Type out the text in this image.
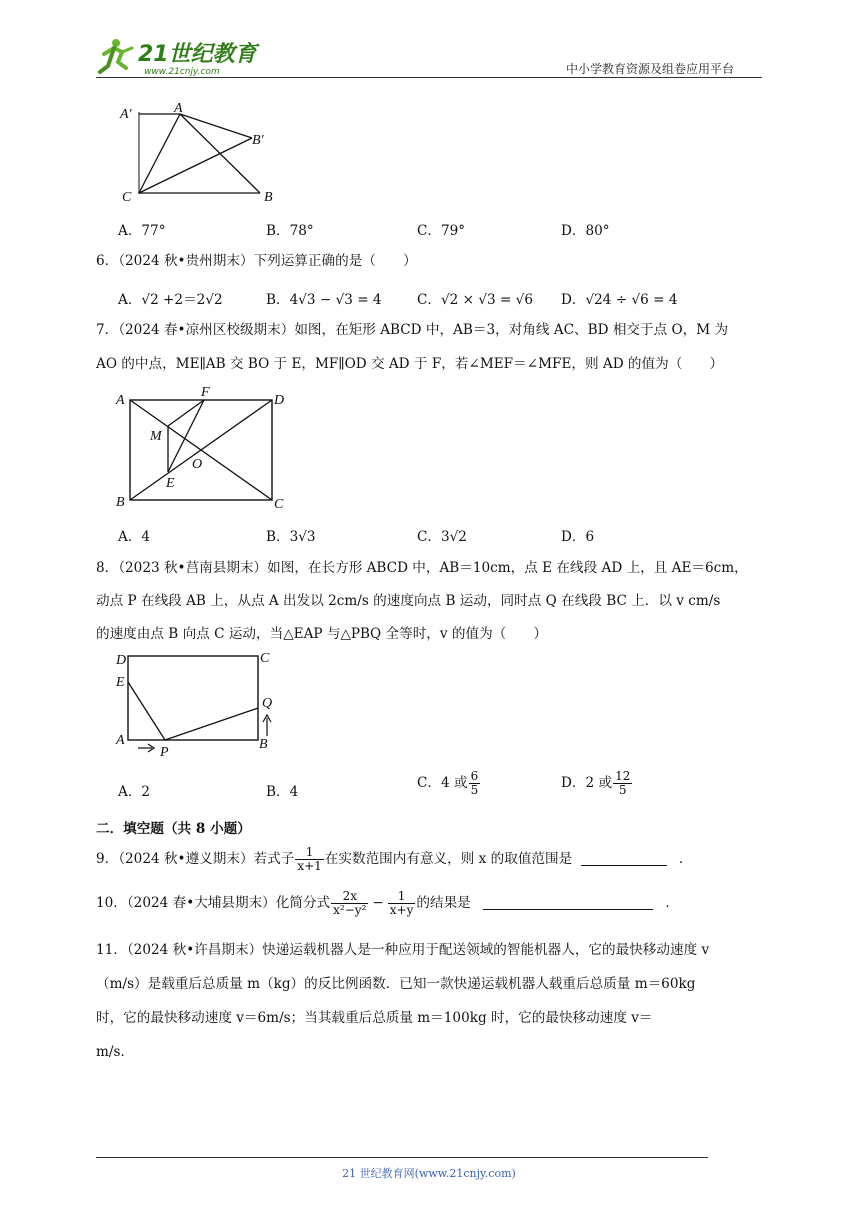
21世纪教育
www.21cnjy.com	中小学教育资源及组卷应用平台
A′	A
B′
C	B
A．77°	B．78°	C．79°	D．80°
6．（2024 秋•贵州期末）下列运算正确的是（　　）
A．√2 +2＝2√2	B．4√3 − √3 = 4	C．√2 × √3 = √6 D．√24 ÷ √6 = 4
7．（2024 春•凉州区校级期末）如图，在矩形 ABCD 中，AB＝3，对角线 AC、BD 相交于点 O，M 为
AO 的中点，ME∥AB 交 BO 于 E，MF∥OD 交 AD 于 F，若∠MEF＝∠MFE，则 AD 的值为（　　）
A
F
D
M
O
E
B	C
A．4	B．3√3	C．3√2	D．6
8．（2023 秋•莒南县期末）如图，在长方形 ABCD 中，AB＝10cm，点 E 在线段 AD 上，且 AE＝6cm，
动点 P 在线段 AB 上，从点 A 出发以 2cm/s 的速度向点 B 运动，同时点 Q 在线段 BC 上．以 v cm/s
的速度由点 B 向点 C 运动，当△EAP 与△PBQ 全等时，v 的值为（　　）
D	C
E
Q
A
P
B
A．2	B．4
C．4 或 $\frac{6}{5}$	D．2 或 $\frac{12}{5}$
二．填空题（共 8 小题）
9．（2024 秋•遵义期末）若式子 $\frac{1}{x+1}$ 在实数范围内有意义，则 x 的取值范围是	．
10．（2024 春•大埔县期末）化简分式 $\frac{2x}{\text{x²−y²}} - \frac{1}{x+y}$ 的结果是	．
11．（2024 秋•许昌期末）快递运载机器人是一种应用于配送领域的智能机器人，它的最快移动速度 v
（m/s）是载重后总质量 m（kg）的反比例函数．已知一款快递运载机器人载重后总质量 m＝60kg
时，它的最快移动速度 v＝6m/s；当其载重后总质量 m＝100kg 时，它的最快移动速度 v＝
m/s．
21 世纪教育网(www.21cnjy.com)
